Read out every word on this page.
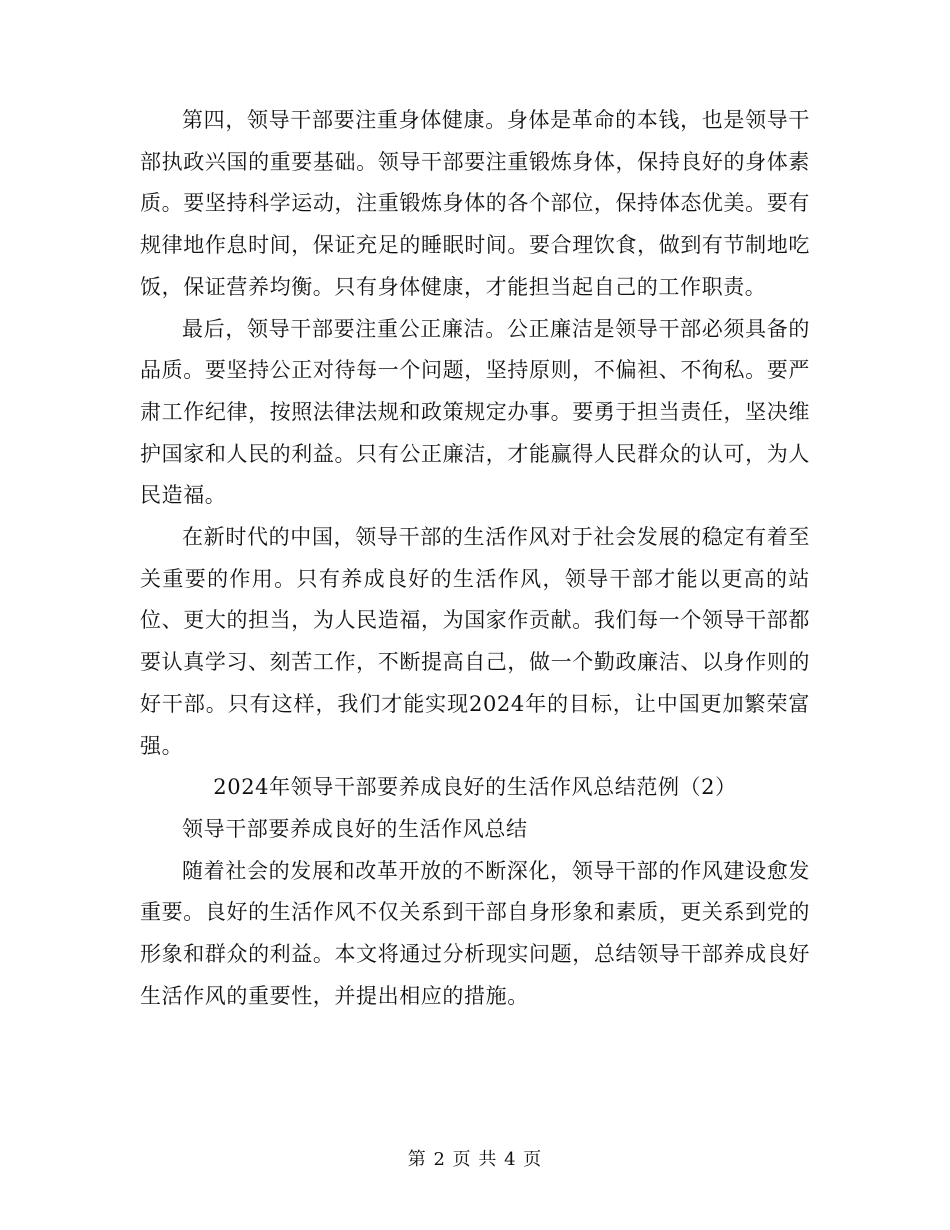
第四，领导干部要注重身体健康。身体是革命的本钱，也是领导干部执政兴国的重要基础。领导干部要注重锻炼身体，保持良好的身体素质。要坚持科学运动，注重锻炼身体的各个部位，保持体态优美。要有规律地作息时间，保证充足的睡眠时间。要合理饮食，做到有节制地吃饭，保证营养均衡。只有身体健康，才能担当起自己的工作职责。

最后，领导干部要注重公正廉洁。公正廉洁是领导干部必须具备的品质。要坚持公正对待每一个问题，坚持原则，不偏袒、不徇私。要严肃工作纪律，按照法律法规和政策规定办事。要勇于担当责任，坚决维护国家和人民的利益。只有公正廉洁，才能赢得人民群众的认可，为人民造福。

在新时代的中国，领导干部的生活作风对于社会发展的稳定有着至关重要的作用。只有养成良好的生活作风，领导干部才能以更高的站位、更大的担当，为人民造福，为国家作贡献。我们每一个领导干部都要认真学习、刻苦工作，不断提高自己，做一个勤政廉洁、以身作则的好干部。只有这样，我们才能实现2024年的目标，让中国更加繁荣富强。

2024年领导干部要养成良好的生活作风总结范例（2）

领导干部要养成良好的生活作风总结

随着社会的发展和改革开放的不断深化，领导干部的作风建设愈发重要。良好的生活作风不仅关系到干部自身形象和素质，更关系到党的形象和群众的利益。本文将通过分析现实问题，总结领导干部养成良好生活作风的重要性，并提出相应的措施。

第 2 页 共 4 页
